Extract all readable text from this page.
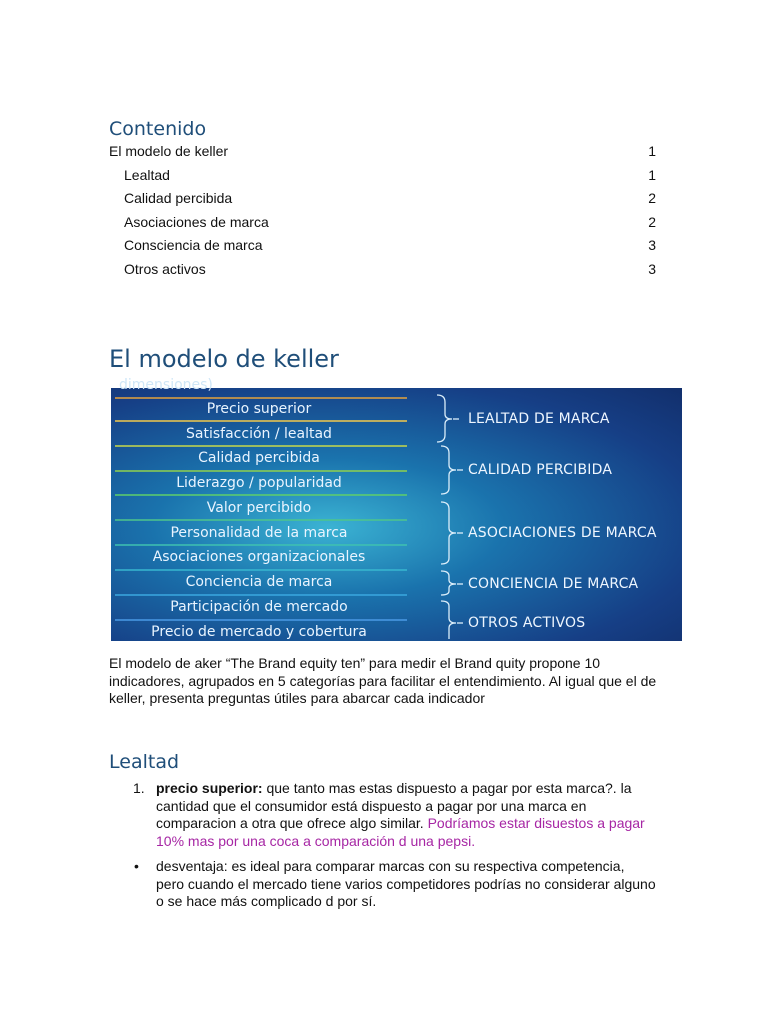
Contenido
El modelo de keller	1
Lealtad	1
Calidad percibida	2
Asociaciones de marca	2
Consciencia de marca	3
Otros activos	3
El modelo de keller
dimensiones)
Precio superior
Satisfacción / lealtad
Calidad percibida
Liderazgo / popularidad
Valor percibido
Personalidad de la marca
Asociaciones organizacionales
Conciencia de marca
Participación de mercado
Precio de mercado y cobertura
LEALTAD DE MARCA
CALIDAD PERCIBIDA
ASOCIACIONES DE MARCA
CONCIENCIA DE MARCA
OTROS ACTIVOS
El modelo de aker “The Brand equity ten” para medir el Brand quity propone 10 indicadores, agrupados en 5 categorías para facilitar el entendimiento. Al igual que el de keller, presenta preguntas útiles para abarcar cada indicador
Lealtad
1. precio superior: que tanto mas estas dispuesto a pagar por esta marca?. la cantidad que el consumidor está dispuesto a pagar por una marca en comparacion a otra que ofrece algo similar. Podríamos estar disuestos a pagar 10% mas por una coca a comparación d una pepsi.
• desventaja: es ideal para comparar marcas con su respectiva competencia, pero cuando el mercado tiene varios competidores podrías no considerar alguno o se hace más complicado d por sí.
